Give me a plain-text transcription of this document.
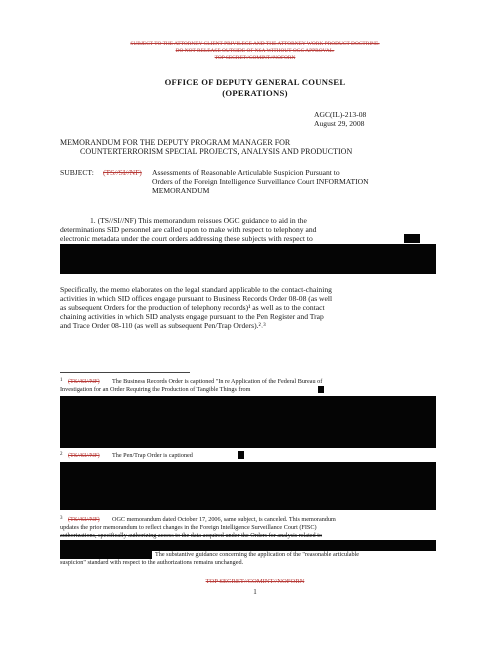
SUBJECT TO THE ATTORNEY-CLIENT PRIVILEGE AND THE ATTORNEY WORK PRODUCT DOCTRINE.
DO NOT RELEASE OUTSIDE OF NSA WITHOUT OGC APPROVAL.
TOP SECRET//COMINT//NOFORN
OFFICE OF DEPUTY GENERAL COUNSEL
(OPERATIONS)
AGC(IL)-213-08
August 29, 2008
MEMORANDUM FOR THE DEPUTY PROGRAM MANAGER FOR
COUNTERTERRORISM SPECIAL PROJECTS, ANALYSIS AND PRODUCTION
SUBJECT: (TS//SI//NF) Assessments of Reasonable Articulable Suspicion Pursuant to
Orders of the Foreign Intelligence Surveillance Court INFORMATION
MEMORANDUM
1. (TS//SI//NF) This memorandum reissues OGC guidance to aid in the
determinations SID personnel are called upon to make with respect to telephony and
electronic metadata under the court orders addressing these subjects with respect to
Specifically, the memo elaborates on the legal standard applicable to the contact-chaining
activities in which SID offices engage pursuant to Business Records Order 08-08 (as well
as subsequent Orders for the production of telephony records)¹ as well as to the contact
chaining activities in which SID analysts engage pursuant to the Pen Register and Trap
and Trace Order 08-110 (as well as subsequent Pen/Trap Orders).²˒³
1 (TS//SI//NF) The Business Records Order is captioned "In re Application of the Federal Bureau of
Investigation for an Order Requiring the Production of Tangible Things from
2 (TS//SI//NF) The Pen/Trap Order is captioned
3 (TS//SI//NF) OGC memorandum dated October 17, 2006, same subject, is canceled. This memorandum
updates the prior memorandum to reflect changes in the Foreign Intelligence Surveillance Court (FISC)
authorizations, specifically authorizing access to the data acquired under the Orders for analysis related to
The substantive guidance concerning the application of the "reasonable articulable
suspicion" standard with respect to the authorizations remains unchanged.
TOP SECRET//COMINT//NOFORN
1
